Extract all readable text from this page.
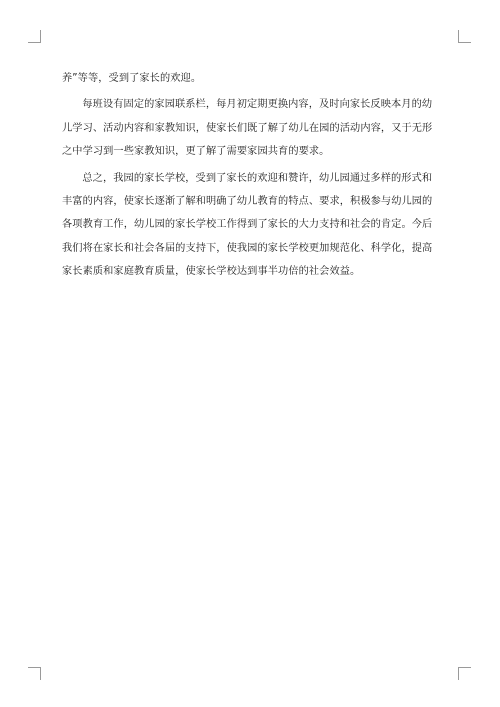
养”等等，受到了家长的欢迎。

每班设有固定的家园联系栏，每月初定期更换内容，及时向家长反映本月的幼儿学习、活动内容和家教知识，使家长们既了解了幼儿在园的活动内容，又于无形之中学习到一些家教知识，更了解了需要家园共育的要求。

总之，我园的家长学校，受到了家长的欢迎和赞许，幼儿园通过多样的形式和丰富的内容，使家长逐渐了解和明确了幼儿教育的特点、要求，积极参与幼儿园的各项教育工作，幼儿园的家长学校工作得到了家长的大力支持和社会的肯定。今后我们将在家长和社会各届的支持下，使我园的家长学校更加规范化、科学化，提高家长素质和家庭教育质量，使家长学校达到事半功倍的社会效益。
